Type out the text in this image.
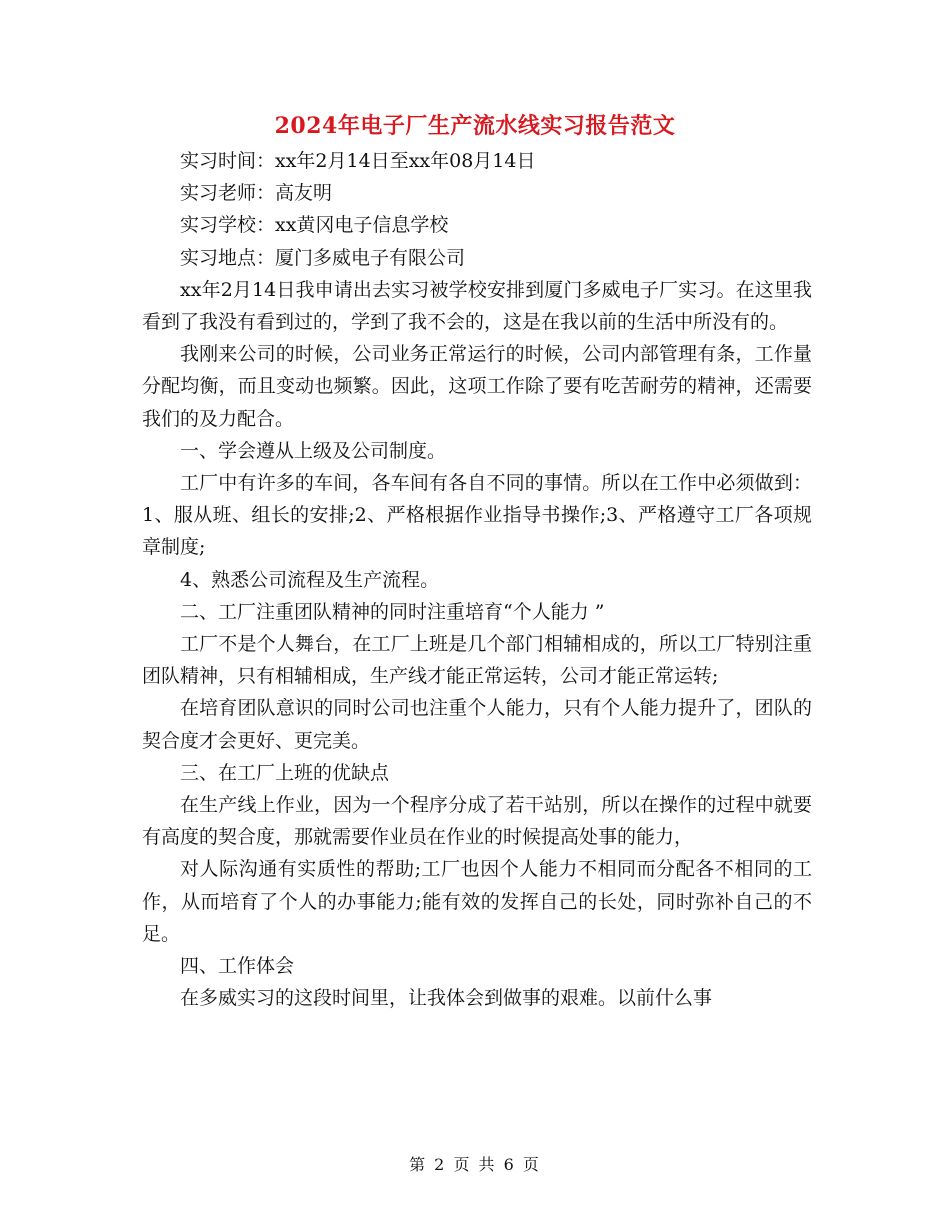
2024年电子厂生产流水线实习报告范文

实习时间：xx年2月14日至xx年08月14日

实习老师：高友明

实习学校：xx黄冈电子信息学校

实习地点：厦门多威电子有限公司

xx年2月14日我申请出去实习被学校安排到厦门多威电子厂实习。在这里我看到了我没有看到过的，学到了我不会的，这是在我以前的生活中所没有的。

我刚来公司的时候，公司业务正常运行的时候，公司内部管理有条，工作量分配均衡，而且变动也频繁。因此，这项工作除了要有吃苦耐劳的精神，还需要我们的及力配合。

一、学会遵从上级及公司制度。

工厂中有许多的车间，各车间有各自不同的事情。所以在工作中必须做到：1、服从班、组长的安排;2、严格根据作业指导书操作;3、严格遵守工厂各项规章制度;

4、熟悉公司流程及生产流程。

二、工厂注重团队精神的同时注重培育“个人能力 ”

工厂不是个人舞台，在工厂上班是几个部门相辅相成的，所以工厂特别注重团队精神，只有相辅相成，生产线才能正常运转，公司才能正常运转;

在培育团队意识的同时公司也注重个人能力，只有个人能力提升了，团队的契合度才会更好、更完美。

三、在工厂上班的优缺点

在生产线上作业，因为一个程序分成了若干站别，所以在操作的过程中就要有高度的契合度，那就需要作业员在作业的时候提高处事的能力，

对人际沟通有实质性的帮助;工厂也因个人能力不相同而分配各不相同的工作，从而培育了个人的办事能力;能有效的发挥自己的长处，同时弥补自己的不足。

四、工作体会

在多威实习的这段时间里，让我体会到做事的艰难。以前什么事

第 2 页 共 6 页
